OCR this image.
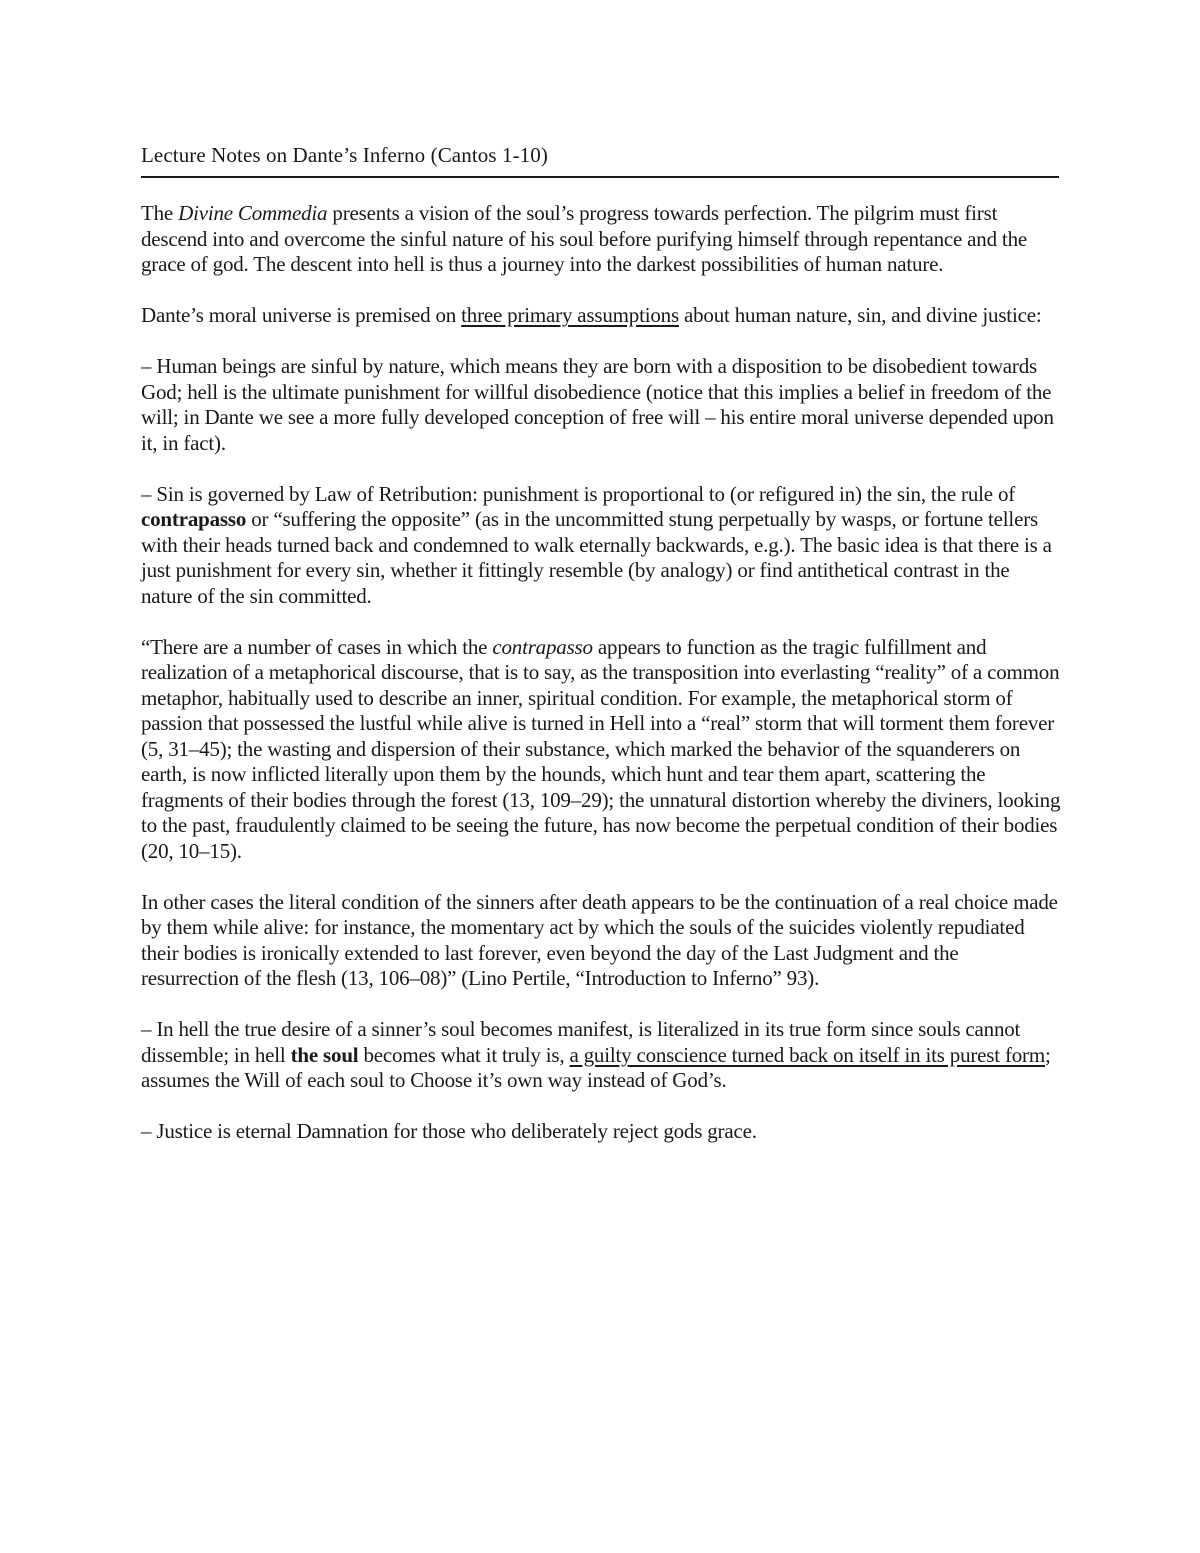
Lecture Notes on Dante’s Inferno (Cantos 1-10)

The Divine Commedia presents a vision of the soul’s progress towards perfection. The pilgrim must first descend into and overcome the sinful nature of his soul before purifying himself through repentance and the grace of god. The descent into hell is thus a journey into the darkest possibilities of human nature.

Dante’s moral universe is premised on three primary assumptions about human nature, sin, and divine justice:

– Human beings are sinful by nature, which means they are born with a disposition to be disobedient towards God; hell is the ultimate punishment for willful disobedience (notice that this implies a belief in freedom of the will; in Dante we see a more fully developed conception of free will – his entire moral universe depended upon it, in fact).

– Sin is governed by Law of Retribution: punishment is proportional to (or refigured in) the sin, the rule of contrapasso or “suffering the opposite” (as in the uncommitted stung perpetually by wasps, or fortune tellers with their heads turned back and condemned to walk eternally backwards, e.g.). The basic idea is that there is a just punishment for every sin, whether it fittingly resemble (by analogy) or find antithetical contrast in the nature of the sin committed.

“There are a number of cases in which the contrapasso appears to function as the tragic fulfillment and realization of a metaphorical discourse, that is to say, as the transposition into everlasting “reality” of a common metaphor, habitually used to describe an inner, spiritual condition. For example, the metaphorical storm of passion that possessed the lustful while alive is turned in Hell into a “real” storm that will torment them forever (5, 31–45); the wasting and dispersion of their substance, which marked the behavior of the squanderers on earth, is now inflicted literally upon them by the hounds, which hunt and tear them apart, scattering the fragments of their bodies through the forest (13, 109–29); the unnatural distortion whereby the diviners, looking to the past, fraudulently claimed to be seeing the future, has now become the perpetual condition of their bodies (20, 10–15).

In other cases the literal condition of the sinners after death appears to be the continuation of a real choice made by them while alive: for instance, the momentary act by which the souls of the suicides violently repudiated their bodies is ironically extended to last forever, even beyond the day of the Last Judgment and the resurrection of the flesh (13, 106–08)” (Lino Pertile, “Introduction to Inferno” 93).

– In hell the true desire of a sinner’s soul becomes manifest, is literalized in its true form since souls cannot dissemble; in hell the soul becomes what it truly is, a guilty conscience turned back on itself in its purest form; assumes the Will of each soul to Choose it’s own way instead of God’s.

– Justice is eternal Damnation for those who deliberately reject gods grace.
